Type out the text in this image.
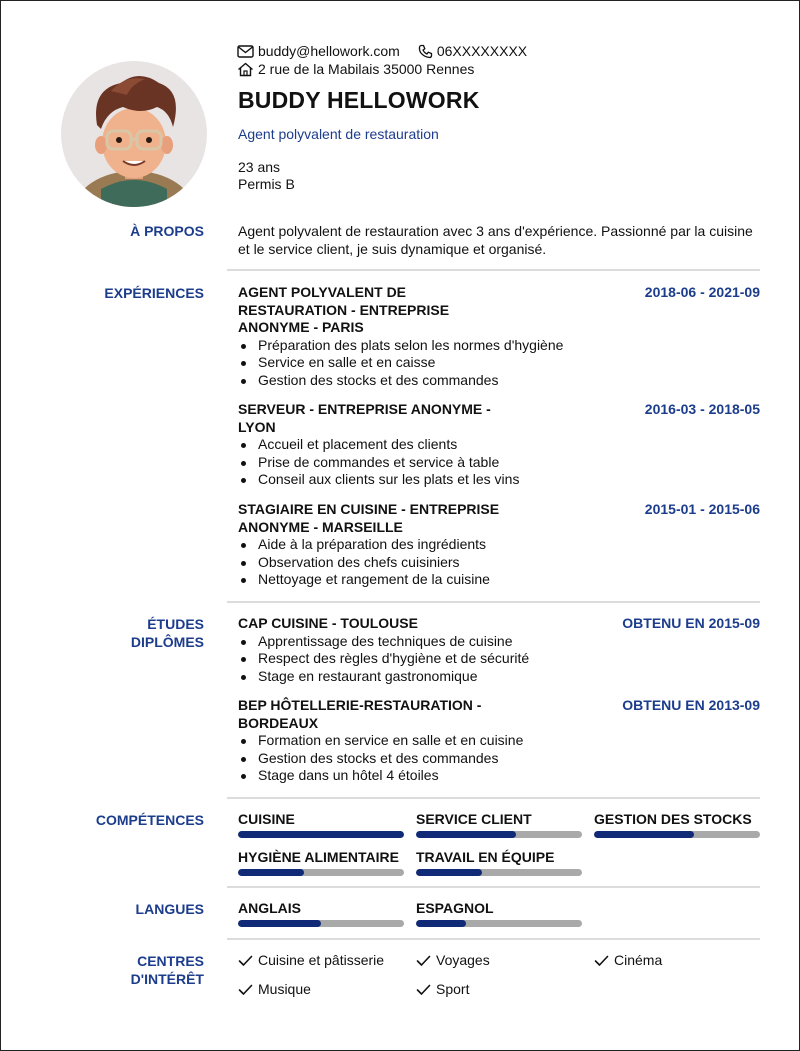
buddy@hellowork.com	06XXXXXXXX
2 rue de la Mabilais 35000 Rennes
BUDDY HELLOWORK
Agent polyvalent de restauration
23 ans
Permis B
À PROPOS Agent polyvalent de restauration avec 3 ans d'expérience. Passionné par la cuisine et le service client, je suis dynamique et organisé.
EXPÉRIENCES AGENT POLYVALENT DE RESTAURATION - ENTREPRISE ANONYME - PARIS
2018-06 - 2021-09
Préparation des plats selon les normes d'hygiène
Service en salle et en caisse
Gestion des stocks et des commandes
SERVEUR - ENTREPRISE ANONYME - LYON
2016-03 - 2018-05
Accueil et placement des clients
Prise de commandes et service à table
Conseil aux clients sur les plats et les vins
STAGIAIRE EN CUISINE - ENTREPRISE ANONYME - MARSEILLE
2015-01 - 2015-06
Aide à la préparation des ingrédients
Observation des chefs cuisiniers
Nettoyage et rangement de la cuisine
ÉTUDES
DIPLÔMES
CAP CUISINE - TOULOUSE	OBTENU EN 2015-09
Apprentissage des techniques de cuisine
Respect des règles d'hygiène et de sécurité
Stage en restaurant gastronomique
BEP HÔTELLERIE-RESTAURATION - BORDEAUX
OBTENU EN 2013-09
Formation en service en salle et en cuisine
Gestion des stocks et des commandes
Stage dans un hôtel 4 étoiles
COMPÉTENCES CUISINE	SERVICE CLIENT	GESTION DES STOCKS
HYGIÈNE ALIMENTAIRE	TRAVAIL EN ÉQUIPE
LANGUES ANGLAIS	ESPAGNOL
CENTRES
D'INTÉRÊT
Cuisine et pâtisserie	Voyages	Cinéma
Musique	Sport
